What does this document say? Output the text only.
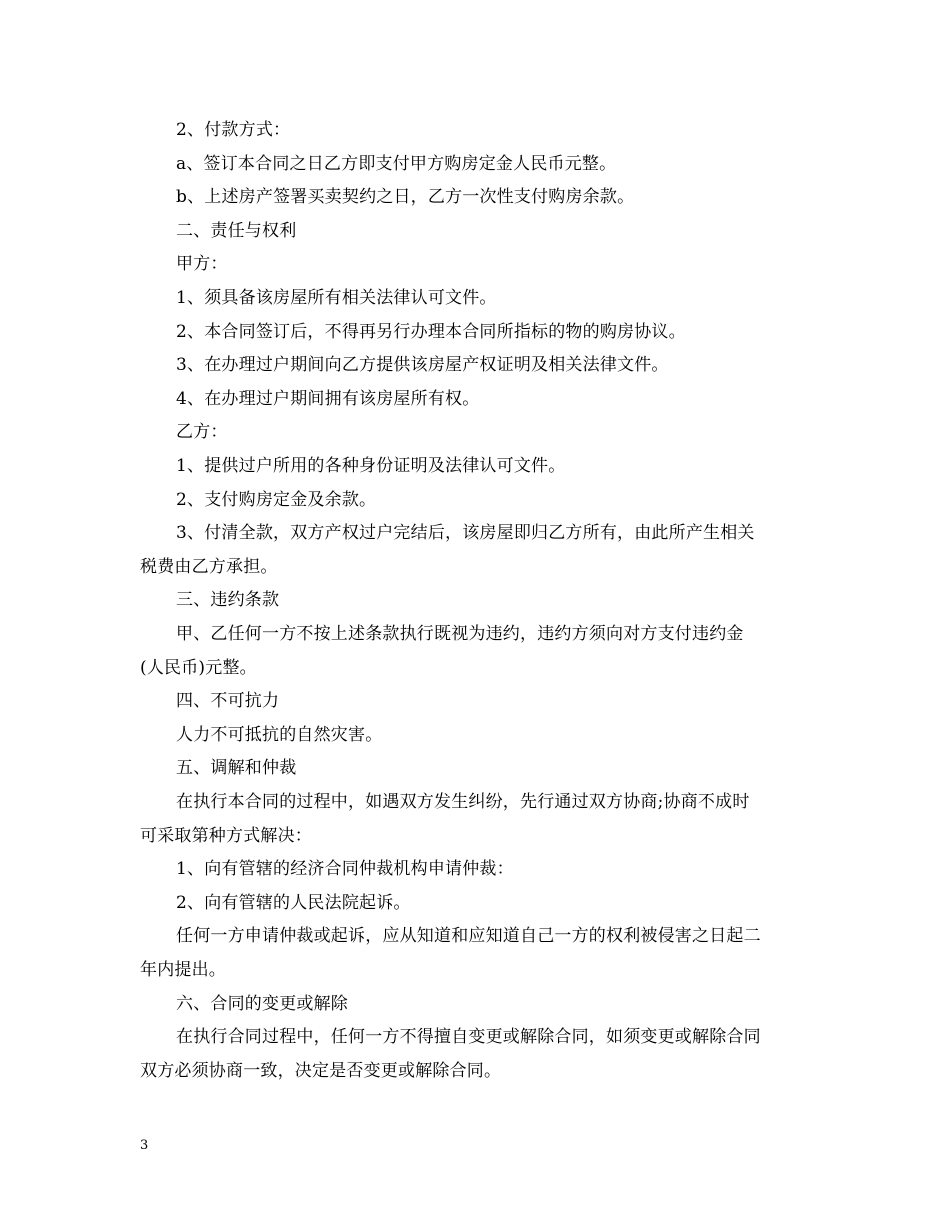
2、付款方式：
a、签订本合同之日乙方即支付甲方购房定金人民币元整。
b、上述房产签署买卖契约之日，乙方一次性支付购房余款。
二、责任与权利
甲方：
1、须具备该房屋所有相关法律认可文件。
2、本合同签订后，不得再另行办理本合同所指标的物的购房协议。
3、在办理过户期间向乙方提供该房屋产权证明及相关法律文件。
4、在办理过户期间拥有该房屋所有权。
乙方：
1、提供过户所用的各种身份证明及法律认可文件。
2、支付购房定金及余款。
3、付清全款，双方产权过户完结后，该房屋即归乙方所有，由此所产生相关
税费由乙方承担。
三、违约条款
甲、乙任何一方不按上述条款执行既视为违约，违约方须向对方支付违约金
(人民币)元整。
四、不可抗力
人力不可抵抗的自然灾害。
五、调解和仲裁
在执行本合同的过程中，如遇双方发生纠纷，先行通过双方协商;协商不成时
可采取第种方式解决：
1、向有管辖的经济合同仲裁机构申请仲裁：
2、向有管辖的人民法院起诉。
任何一方申请仲裁或起诉，应从知道和应知道自己一方的权利被侵害之日起二
年内提出。
六、合同的变更或解除
在执行合同过程中，任何一方不得擅自变更或解除合同，如须变更或解除合同
双方必须协商一致，决定是否变更或解除合同。
3
